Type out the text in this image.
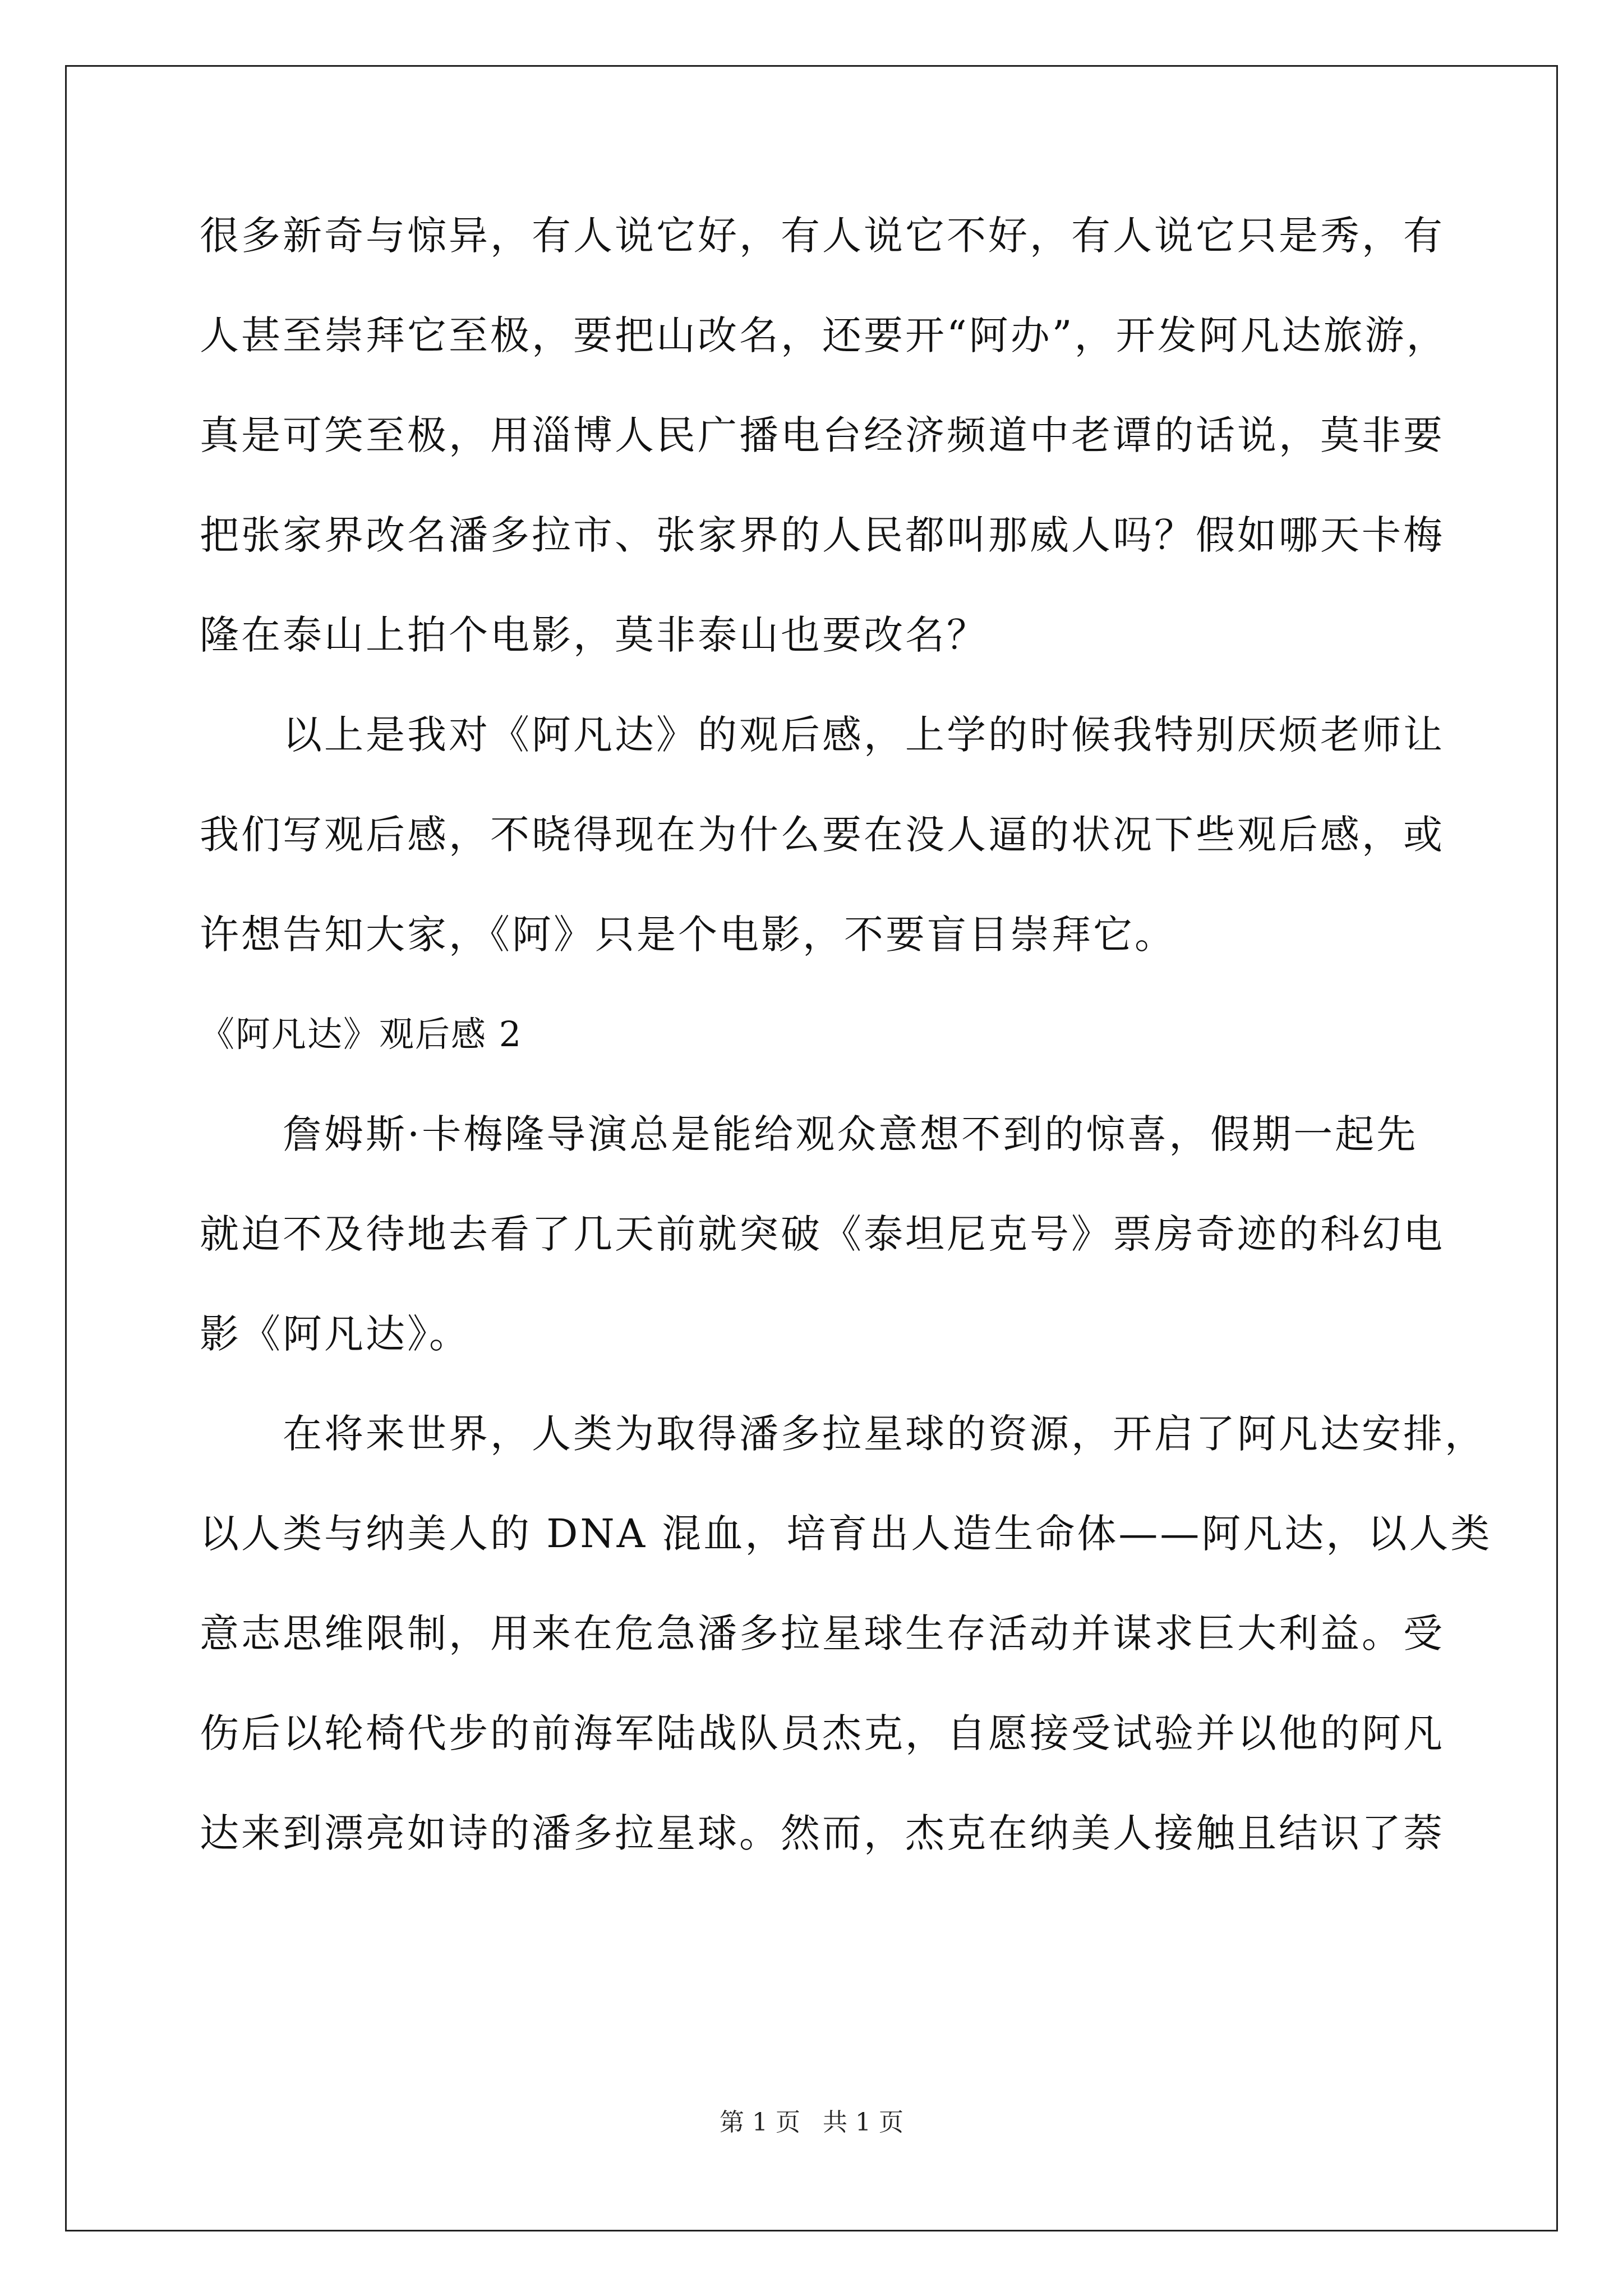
很多新奇与惊异，有人说它好，有人说它不好，有人说它只是秀，有

人甚至崇拜它至极，要把山改名，还要开“阿办”，开发阿凡达旅游，

真是可笑至极，用淄博人民广播电台经济频道中老谭的话说，莫非要

把张家界改名潘多拉市、张家界的人民都叫那威人吗？假如哪天卡梅

隆在泰山上拍个电影，莫非泰山也要改名？

以上是我对《阿凡达》的观后感，上学的时候我特别厌烦老师让

我们写观后感，不晓得现在为什么要在没人逼的状况下些观后感，或

许想告知大家，《阿》只是个电影，不要盲目崇拜它。

《阿凡达》观后感 2

詹姆斯·卡梅隆导演总是能给观众意想不到的惊喜，假期一起先

就迫不及待地去看了几天前就突破《泰坦尼克号》票房奇迹的科幻电

影《阿凡达》。

在将来世界，人类为取得潘多拉星球的资源，开启了阿凡达安排，

以人类与纳美人的 DNA 混血，培育出人造生命体——阿凡达，以人类

意志思维限制，用来在危急潘多拉星球生存活动并谋求巨大利益。受

伤后以轮椅代步的前海军陆战队员杰克，自愿接受试验并以他的阿凡

达来到漂亮如诗的潘多拉星球。然而，杰克在纳美人接触且结识了萘

第 1 页 共 1 页
